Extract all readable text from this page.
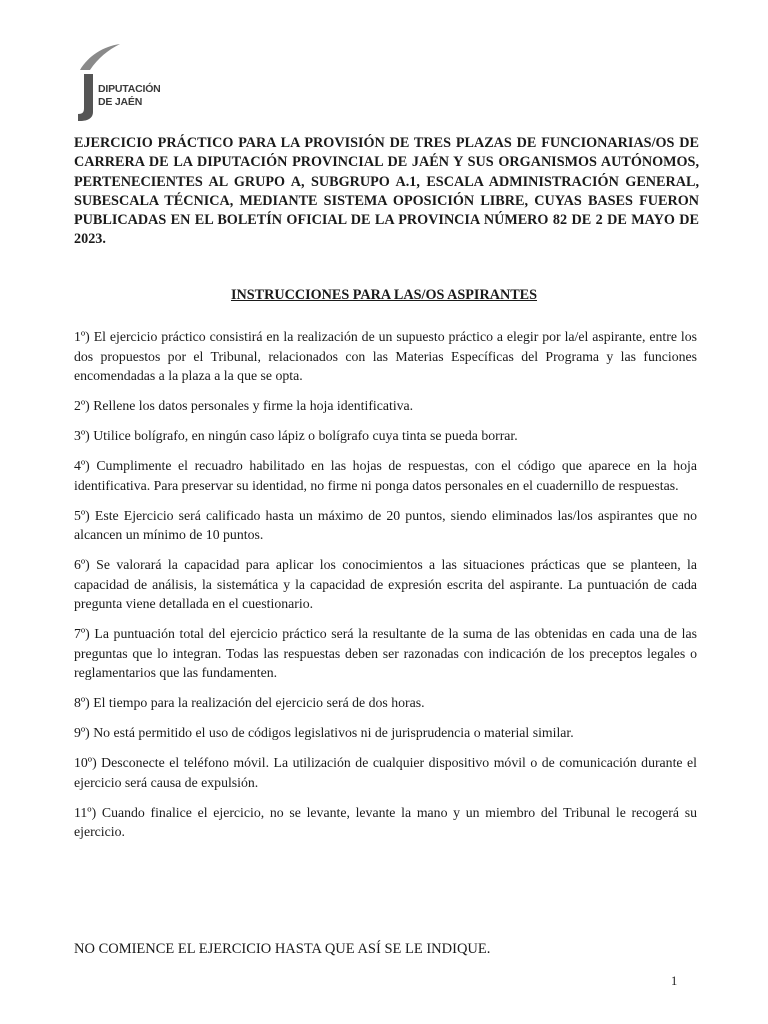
DIPUTACIÓN
DE JAÉN
EJERCICIO PRÁCTICO PARA LA PROVISIÓN DE TRES PLAZAS DE FUNCIONARIAS/OS DE CARRERA DE LA DIPUTACIÓN PROVINCIAL DE JAÉN Y SUS ORGANISMOS AUTÓNOMOS, PERTENECIENTES AL GRUPO A, SUBGRUPO A.1, ESCALA ADMINISTRACIÓN GENERAL, SUBESCALA TÉCNICA, MEDIANTE SISTEMA OPOSICIÓN LIBRE, CUYAS BASES FUERON PUBLICADAS EN EL BOLETÍN OFICIAL DE LA PROVINCIA NÚMERO 82 DE 2 DE MAYO DE 2023.
INSTRUCCIONES PARA LAS/OS ASPIRANTES

1º) El ejercicio práctico consistirá en la realización de un supuesto práctico a elegir por la/el aspirante, entre los dos propuestos por el Tribunal, relacionados con las Materias Específicas del Programa y las funciones encomendadas a la plaza a la que se opta.

2º) Rellene los datos personales y firme la hoja identificativa.

3º) Utilice bolígrafo, en ningún caso lápiz o bolígrafo cuya tinta se pueda borrar.

4º) Cumplimente el recuadro habilitado en las hojas de respuestas, con el código que aparece en la hoja identificativa. Para preservar su identidad, no firme ni ponga datos personales en el cuadernillo de respuestas.

5º) Este Ejercicio será calificado hasta un máximo de 20 puntos, siendo eliminados las/los aspirantes que no alcancen un mínimo de 10 puntos.

6º) Se valorará la capacidad para aplicar los conocimientos a las situaciones prácticas que se planteen, la capacidad de análisis, la sistemática y la capacidad de expresión escrita del aspirante. La puntuación de cada pregunta viene detallada en el cuestionario.

7º) La puntuación total del ejercicio práctico será la resultante de la suma de las obtenidas en cada una de las preguntas que lo integran. Todas las respuestas deben ser razonadas con indicación de los preceptos legales o reglamentarios que las fundamenten.

8º) El tiempo para la realización del ejercicio será de dos horas.

9º) No está permitido el uso de códigos legislativos ni de jurisprudencia o material similar.

10º) Desconecte el teléfono móvil. La utilización de cualquier dispositivo móvil o de comunicación durante el ejercicio será causa de expulsión.

11º) Cuando finalice el ejercicio, no se levante, levante la mano y un miembro del Tribunal le recogerá su ejercicio.

NO COMIENCE EL EJERCICIO HASTA QUE ASÍ SE LE INDIQUE.
1
